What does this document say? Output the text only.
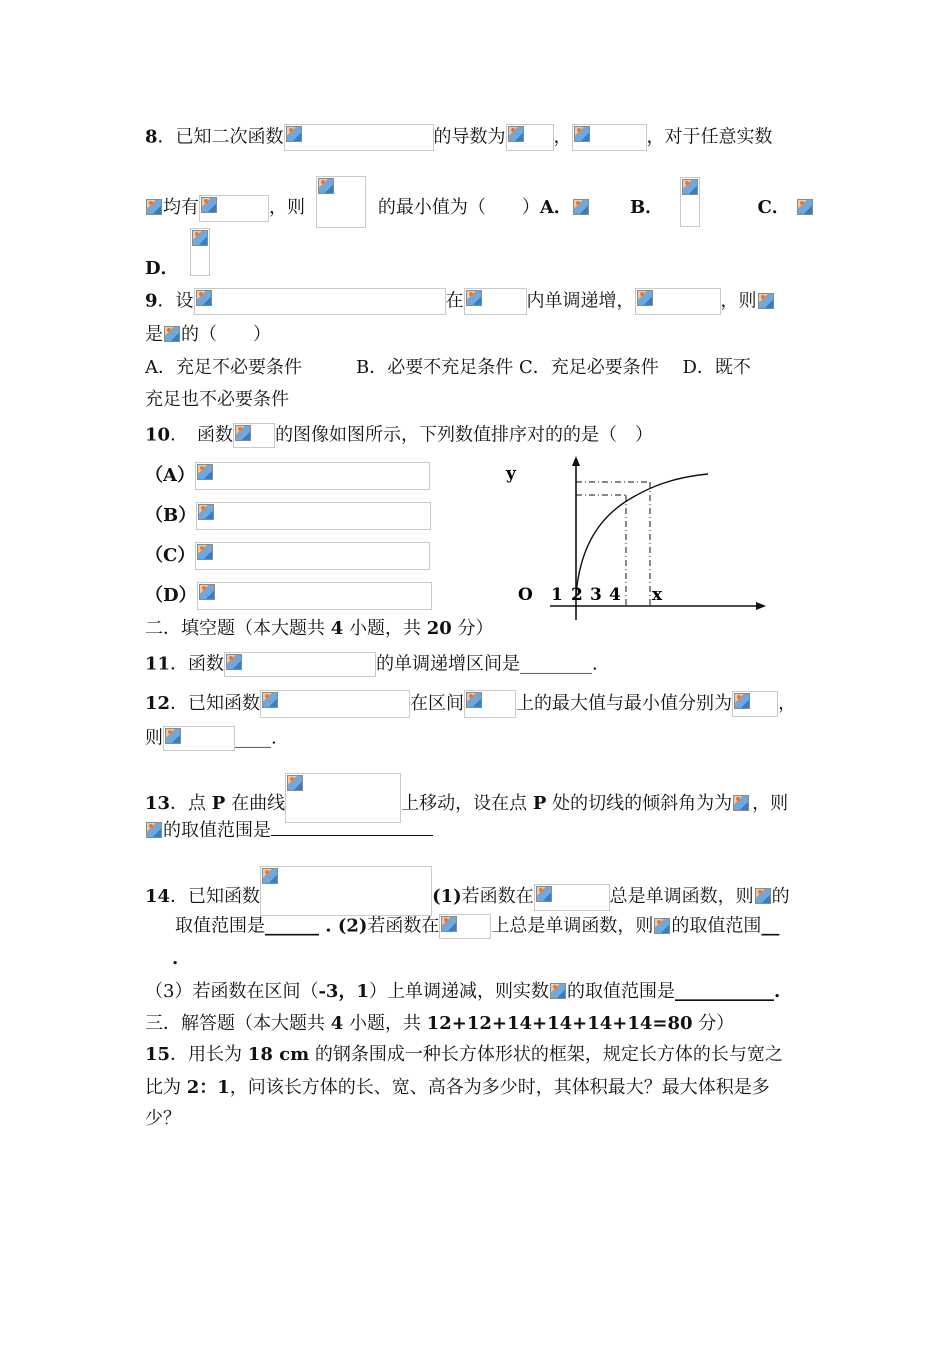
8．已知二次函数	的导数为	，	，对于任意实数
均有	，则	的最小值为（　　）A．	B．	C．
D．
9．设	在	内单调递增，	，则
是 的（　　）
A．充足不必要条件　　　B．必要不充足条件 C．充足必要条件　 D．既不
充足也不必要条件
10．　函数 的图像如图所示，下列数值排序对的的是（　）
（A）
（B）
（C）
（D）
y
O 1 2 3 4 x
二．填空题（本大题共 4 小题，共 20 分）
11．函数	的单调递增区间是________.
12．已知函数	在区间	上的最大值与最小值分别为	，
则	____.
13．点 P 在曲线	上移动，设在点 P 处的切线的倾斜角为为 ，则
的取值范围是
14．已知函数	(1)若函数在	总是单调函数，则 的
取值范围是______ . (2)若函数在	上总是单调函数，则 的取值范围__
.
（3）若函数在区间（-3，1）上单调递减，则实数 的取值范围是___________.
三．解答题（本大题共 4 小题，共 12+12+14+14+14+14=80 分）
15．用长为 18 cm 的钢条围成一种长方体形状的框架，规定长方体的长与宽之
比为 2：1，问该长方体的长、宽、高各为多少时，其体积最大？最大体积是多
少？
